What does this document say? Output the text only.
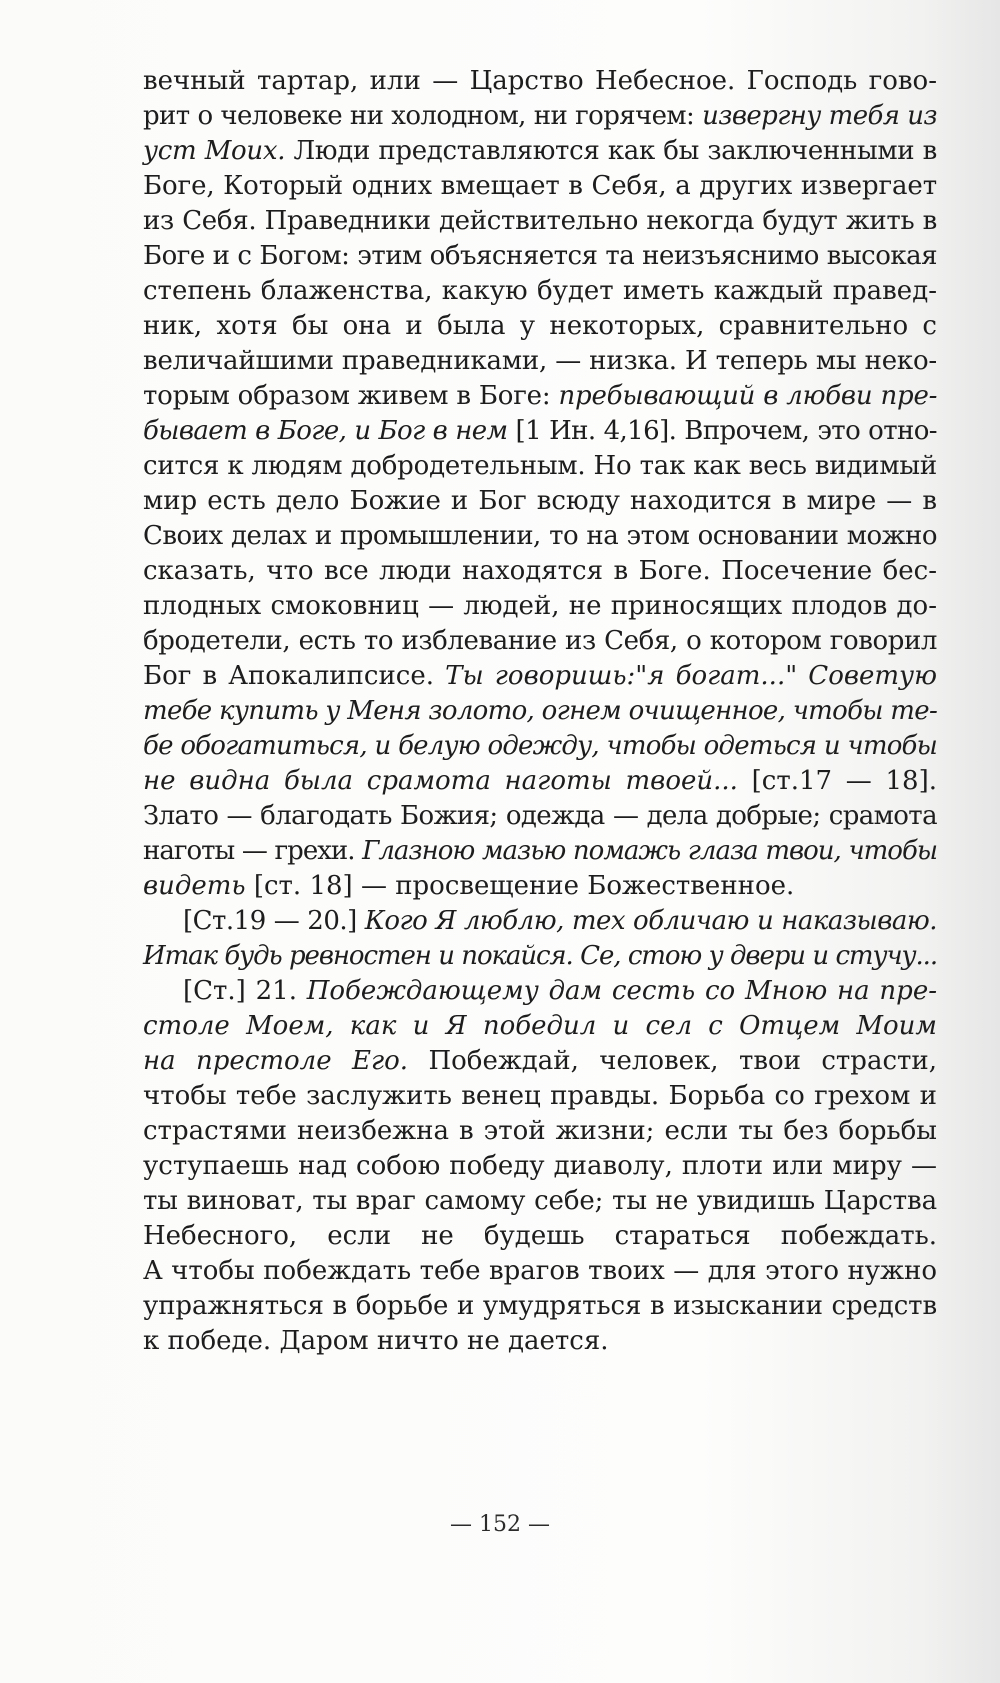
вечный тартар, или — Царство Небесное. Господь гово-
рит о человеке ни холодном, ни горячем: извергну тебя из
уст Моих. Люди представляются как бы заключенными в
Боге, Который одних вмещает в Себя, а других извергает
из Себя. Праведники действительно некогда будут жить в
Боге и с Богом: этим объясняется та неизъяснимо высокая
степень блаженства, какую будет иметь каждый правед-
ник, хотя бы она и была у некоторых, сравнительно с
величайшими праведниками, — низка. И теперь мы неко-
торым образом живем в Боге: пребывающий в любви пре-
бывает в Боге, и Бог в нем [1 Ин. 4,16]. Впрочем, это отно-
сится к людям добродетельным. Но так как весь видимый
мир есть дело Божие и Бог всюду находится в мире — в
Своих делах и промышлении, то на этом основании можно
сказать, что все люди находятся в Боге. Посечение бес-
плодных смоковниц — людей, не приносящих плодов до-
бродетели, есть то изблевание из Себя, о котором говорил
Бог в Апокалипсисе. Ты говоришь:"я богат..." Советую
тебе купить у Меня золото, огнем очищенное, чтобы те-
бе обогатиться, и белую одежду, чтобы одеться и чтобы
не видна была срамота наготы твоей... [ст.17 — 18].
Злато — благодать Божия; одежда — дела добрые; срамота
наготы — грехи. Глазною мазью помажь глаза твои, чтобы
видеть [ст. 18] — просвещение Божественное.
[Ст.19 — 20.] Кого Я люблю, тех обличаю и наказываю.
Итак будь ревностен и покайся. Се, стою у двери и стучу...
[Ст.] 21. Побеждающему дам сесть со Мною на пре-
столе Моем, как и Я победил и сел с Отцем Моим
на престоле Его. Побеждай, человек, твои страсти,
чтобы тебе заслужить венец правды. Борьба со грехом и
страстями неизбежна в этой жизни; если ты без борьбы
уступаешь над собою победу диаволу, плоти или миру —
ты виноват, ты враг самому себе; ты не увидишь Царства
Небесного, если не будешь стараться побеждать.
А чтобы побеждать тебе врагов твоих — для этого нужно
упражняться в борьбе и умудряться в изыскании средств
к победе. Даром ничто не дается.
— 152 —
